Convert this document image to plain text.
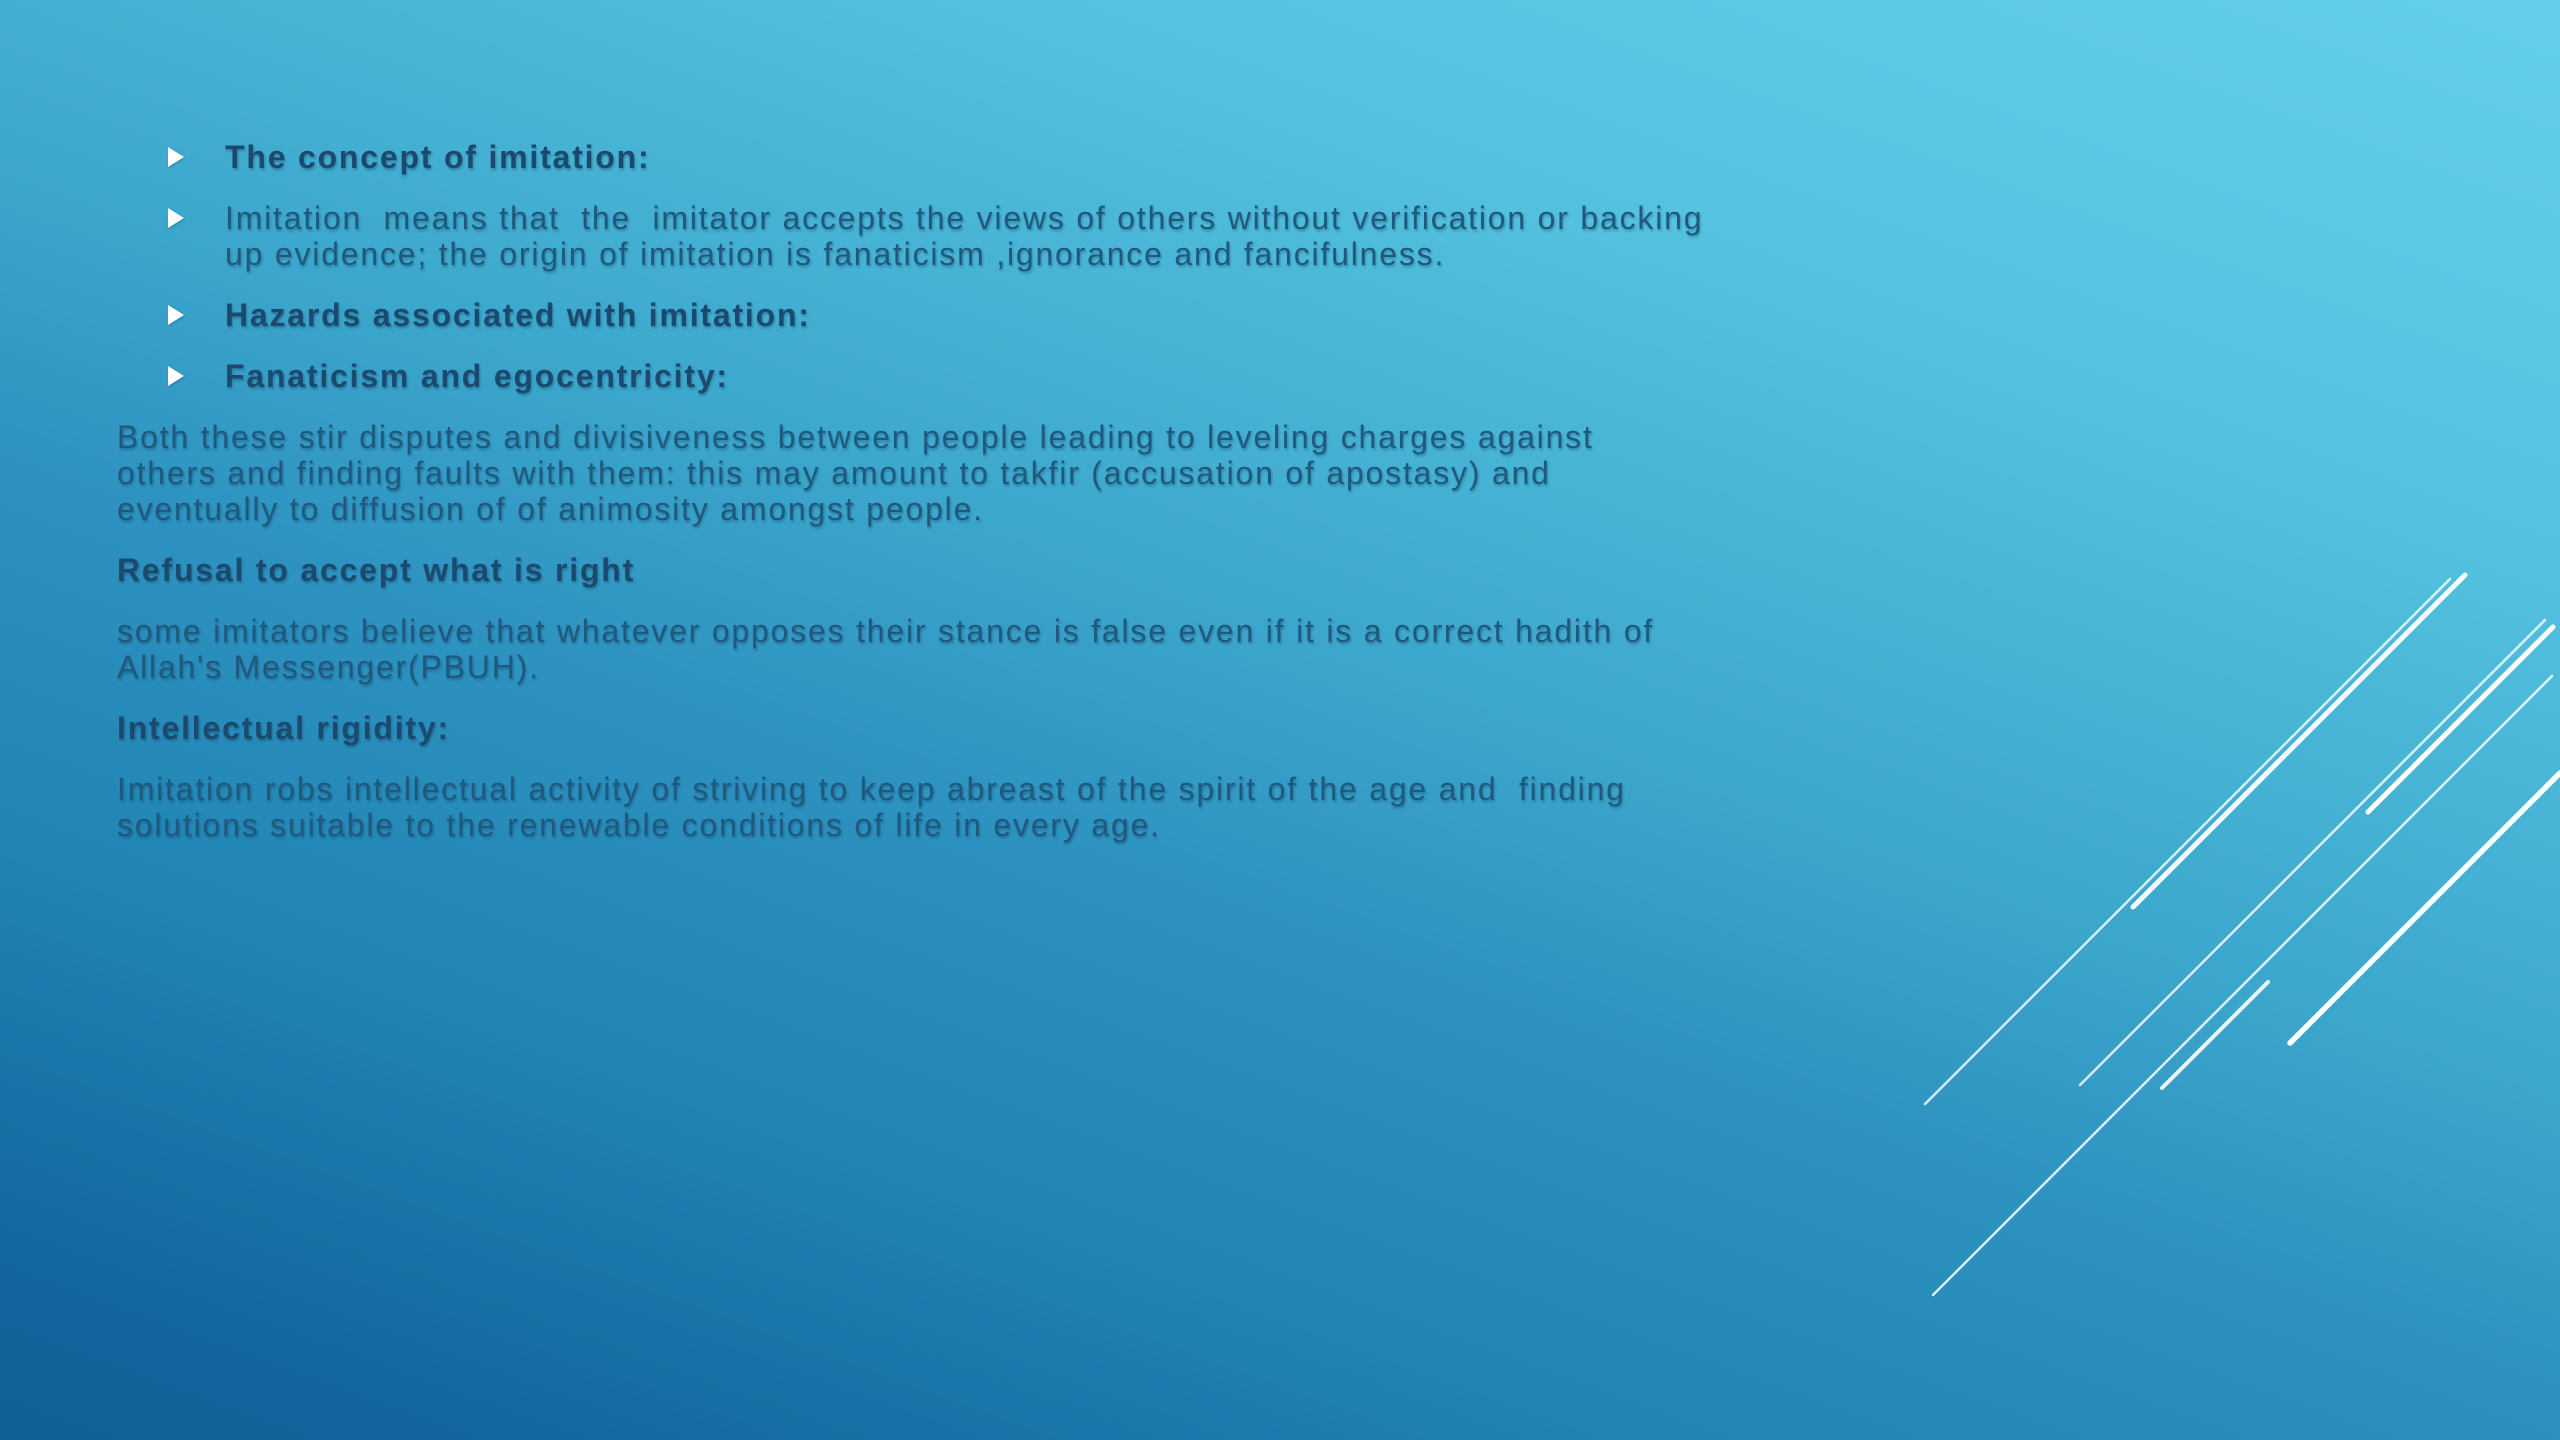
The concept of imitation:
Imitation  means that  the  imitator accepts the views of others without verification or backing
up evidence; the origin of imitation is fanaticism ,ignorance and fancifulness.
Hazards associated with imitation:
Fanaticism and egocentricity:
Both these stir disputes and divisiveness between people leading to leveling charges against
others and finding faults with them: this may amount to takfir (accusation of apostasy) and
eventually to diffusion of of animosity amongst people.
Refusal to accept what is right
some imitators believe that whatever opposes their stance is false even if it is a correct hadith of
Allah's Messenger(PBUH).
Intellectual rigidity:
Imitation robs intellectual activity of striving to keep abreast of the spirit of the age and  finding
solutions suitable to the renewable conditions of life in every age.
